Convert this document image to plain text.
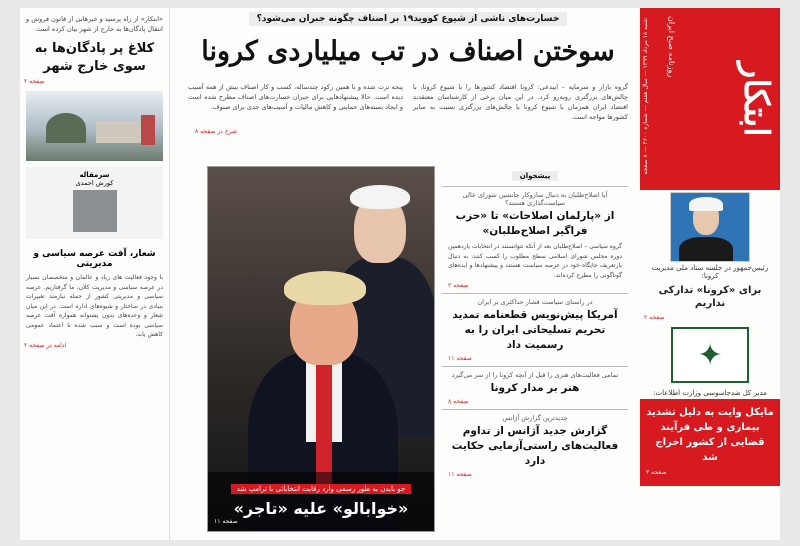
ابتکار
روزنامه صبح ایران
شنبه ۱۸ مرداد ۱۳۹۹ — سال هفتم — شماره ۴۶۰۰ — ۸ صفحه
رئیس‌جمهور در جلسه ستاد ملی مدیریت کرونا:
برای «کرونا» تدارکی نداریم
صفحه ۲
✦
مدیر کل ضدجاسوسی وزارت اطلاعات:
مایکل وایت به دلیل تشدید بیماری و طی فرآیند قضایی از کشور اخراج شد
صفحه ۲
خسارت‌های ناشی از شیوع کووید۱۹ بر اصناف چگونه جبران می‌شود؟
سوختن اصناف در تب میلیاردی کرونا

گروه بازار و سرمایه – ایبدعی: کرونا اقتصاد کشورها را با شیوع کرونا، با چالش‌های بزرگتری روبه‌رو کرد. در این میان برخی از کارشناسان معتقدند اقتصاد ایران همزمان با شیوع کرونا با چالش‌های بزرگتری نسبت به سایر کشورها مواجه است.

پنجه ترت شده و با همین رکود چندساله، کسب و کار اصناف بیش از همه آسیب دیده است. حالا پیشنهادهایی برای جبران خسارت‌های اصناف مطرح شده است و ایجاد بسته‌های حمایتی و کاهش مالیات و آسیب‌های جدی برای صنوف.

شرح در صفحه ۸
جو بایدن به طور رسمی وارد رقابت انتخاباتی با ترامپ شد
«خوابالو» علیه «تاجر»
صفحه ۱۱
پیشخوان
آیا اصلاح‌طلبان به دنبال سازوکار جانشین شورای عالی سیاست‌گذاری هستند؟
از «پارلمان اصلاحات» تا «حزب فراگیر اصلاح‌طلبان»
گروه سیاسی – اصلاح‌طلبان بعد از آنکه نتوانستند در انتخابات یازدهمین دوره مجلس شورای اسلامی سطح مطلوب را کسب کنند، به دنبال بازتعریف جایگاه خود در عرصه سیاست هستند و پیشنهادها و ایده‌های گوناگونی را مطرح کرده‌اند.
صفحه ۲
در راستای سیاست فشار حداکثری بر ایران
آمریکا پیش‌نویس قطعنامه تمدید تحریم تسلیحاتی ایران را به رسمیت داد
صفحه ۱۱
تمامی فعالیت‌های هنری را قبل از آنچه کرونا را از سر می‌گیرد
هنر بر مدار کرونا
صفحه ۸
جدیدترین گزارش آژانس
گزارش جدید آژانس از تداوم فعالیت‌های راستی‌آزمایی حکایت دارد
صفحه ۱۱
«ابتکار» از راه پرسید و خبرهایی از قانون فروش و انتقال پادگان‌ها به خارج از شهر بیان کرده است.
کلاغ پر پادگان‌ها به سوی خارج شهر
صفحه ۲
سرمقاله
کورش احمدی
شعار، آفت عرصه سیاسی و مدیریتی
با وجود فعالیت های زیاد و عالمان و متخصصان بسیار در عرصه سیاسی و مدیریت کلان، ما گرفتاریم. عرصه سیاسی و مدیریتی کشور از جمله نیازمند تغییرات بنیادی در ساختار و شیوه‌های اداره است. در این میان شعار و وعده‌های بدون پشتوانه همواره آفت عرصه سیاسی بوده است و سبب شده تا اعتماد عمومی کاهش یابد.
ادامه در صفحه ۲
